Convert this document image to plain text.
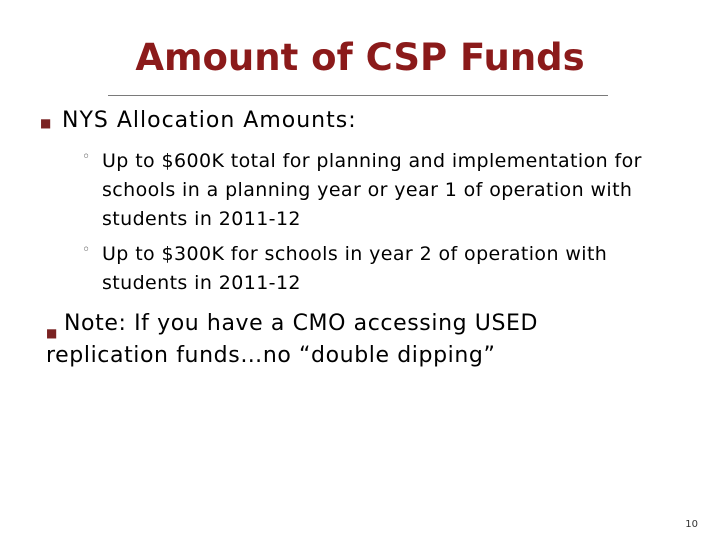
Amount of CSP Funds
■ NYS Allocation Amounts:
◦ Up to $600K total for planning and implementation for schools in a planning year or year 1 of operation with students in 2011-12
◦ Up to $300K for schools in year 2 of operation with students in 2011-12
■ Note: If you have a CMO accessing USED replication funds…no “double dipping”
10
